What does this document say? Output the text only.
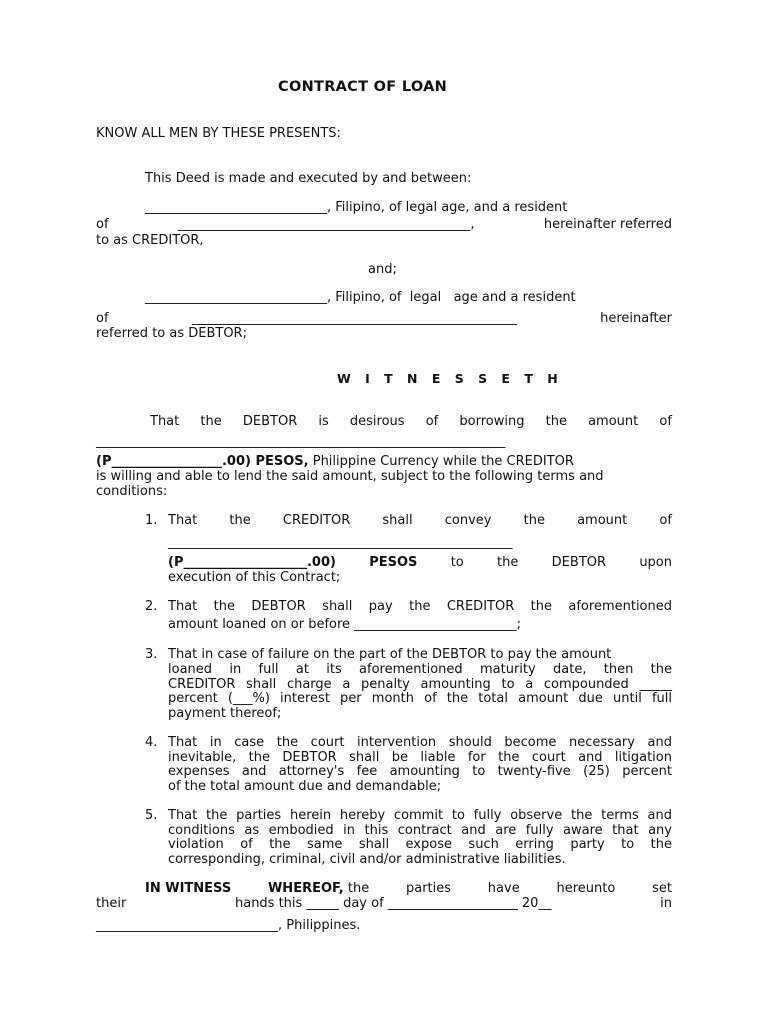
CONTRACT OF LOAN
KNOW ALL MEN BY THESE PRESENTS:
This Deed is made and executed by and between:
____________________________, Filipino, of legal age, and a resident
of	_____________________________________________,	hereinafter referred
to as CREDITOR,
and;
____________________________, Filipino, of  legal   age and a resident
of	__________________________________________________	hereinafter
referred to as DEBTOR;
W I T N E S S E T H
That the DEBTOR is desirous of borrowing the amount of
_______________________________________________________________
(P_________________.00) PESOS, Philippine Currency while the CREDITOR
is willing and able to lend the said amount, subject to the following terms and
conditions:
1. That the CREDITOR shall convey the amount of
_____________________________________________________
(P___________________.00)	PESOS	to	the	DEBTOR	upon
execution of this Contract;
2. That the DEBTOR shall pay the CREDITOR the aforementioned
amount loaned on or before _________________________;
3. That in case of failure on the part of the DEBTOR to pay the amount
loaned in full at its aforementioned maturity date, then the
CREDITOR shall charge a penalty amounting to a compounded _____
percent (___%) interest per month of the total amount due until full
payment thereof;
4. That in case the court intervention should become necessary and
inevitable, the DEBTOR shall be liable for the court and litigation
expenses and attorney's fee amounting to twenty-five (25) percent
of the total amount due and demandable;
5. That the parties herein hereby commit to fully observe the terms and
conditions as embodied in this contract and are fully aware that any
violation of the same shall expose such erring party to the
corresponding, criminal, civil and/or administrative liabilities.
IN WITNESS	WHEREOF, the	parties	have	hereunto	set
their	hands this _____ day of ____________________ 20__	in
____________________________, Philippines.
